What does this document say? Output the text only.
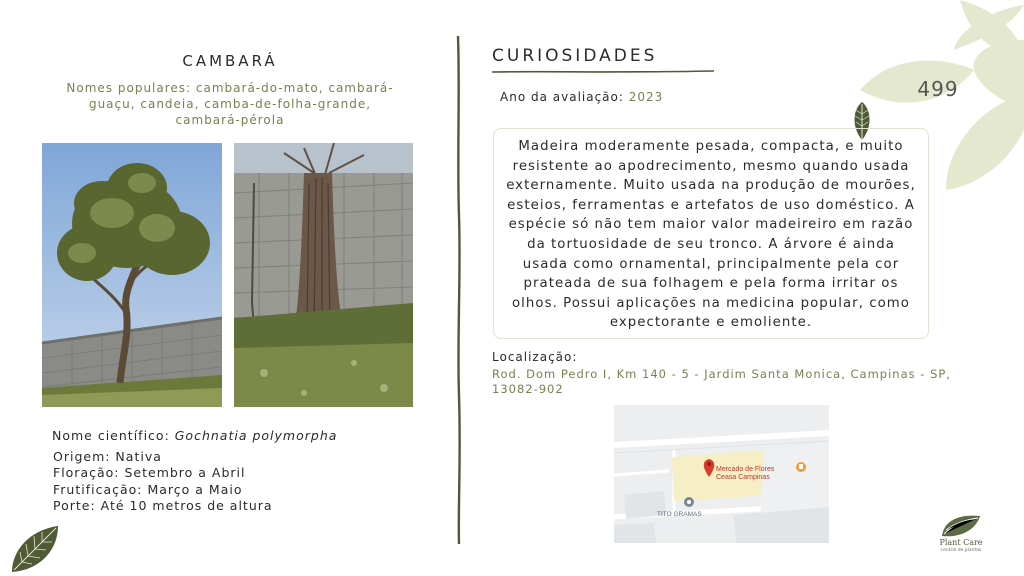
CAMBARÁ
Nomes populares: cambará-do-mato, cambará-guaçu, candeia, camba-de-folha-grande, cambará-pérola
Nome científico: Gochnatia polymorpha
Origem: Nativa
Floração: Setembro a Abril
Frutificação: Março a Maio
Porte: Até 10 metros de altura
CURIOSIDADES
Ano da avaliação: 2023	499
Madeira moderamente pesada, compacta, e muito resistente ao apodrecimento, mesmo quando usada externamente. Muito usada na produção de mourões, esteios, ferramentas e artefatos de uso doméstico. A espécie só não tem maior valor madeireiro em razão da tortuosidade de seu tronco. A árvore é ainda usada como ornamental, principalmente pela cor prateada de sua folhagem e pela forma irritar os olhos. Possui aplicações na medicina popular, como expectorante e emoliente.
Localização:
Rod. Dom Pedro I, Km 140 - 5 - Jardim Santa Monica, Campinas - SP, 13082-902
Mercado de Flores
Ceasa Campinas
TITO GRAMAS
Plant Care
central de plantas
